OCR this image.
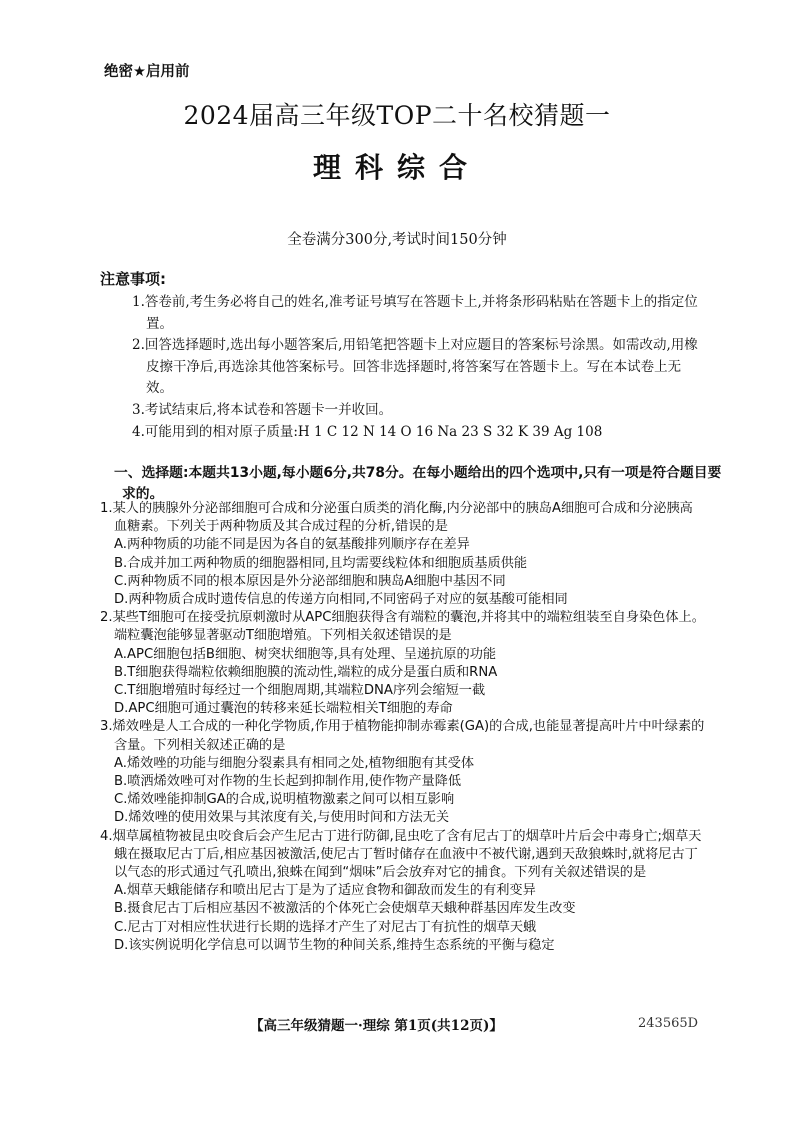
绝密★启用前
2024届高三年级TOP二十名校猜题一
理科综合
全卷满分300分,考试时间150分钟
注意事项:

1.答卷前,考生务必将自己的姓名,准考证号填写在答题卡上,并将条形码粘贴在答题卡上的指定位置。

2.回答选择题时,选出每小题答案后,用铅笔把答题卡上对应题目的答案标号涂黑。如需改动,用橡皮擦干净后,再选涂其他答案标号。回答非选择题时,将答案写在答题卡上。写在本试卷上无效。

3.考试结束后,将本试卷和答题卡一并收回。

4.可能用到的相对原子质量:H 1 C 12 N 14 O 16 Na 23 S 32 K 39 Ag 108

一、选择题:本题共13小题,每小题6分,共78分。在每小题给出的四个选项中,只有一项是符合题目要求的。

1.某人的胰腺外分泌部细胞可合成和分泌蛋白质类的消化酶,内分泌部中的胰岛A细胞可合成和分泌胰高血糖素。下列关于两种物质及其合成过程的分析,错误的是

A.两种物质的功能不同是因为各自的氨基酸排列顺序存在差异

B.合成并加工两种物质的细胞器相同,且均需要线粒体和细胞质基质供能

C.两种物质不同的根本原因是外分泌部细胞和胰岛A细胞中基因不同

D.两种物质合成时遗传信息的传递方向相同,不同密码子对应的氨基酸可能相同

2.某些T细胞可在接受抗原刺激时从APC细胞获得含有端粒的囊泡,并将其中的端粒组装至自身染色体上。端粒囊泡能够显著驱动T细胞增殖。下列相关叙述错误的是

A.APC细胞包括B细胞、树突状细胞等,具有处理、呈递抗原的功能

B.T细胞获得端粒依赖细胞膜的流动性,端粒的成分是蛋白质和RNA

C.T细胞增殖时每经过一个细胞周期,其端粒DNA序列会缩短一截

D.APC细胞可通过囊泡的转移来延长端粒相关T细胞的寿命

3.烯效唑是人工合成的一种化学物质,作用于植物能抑制赤霉素(GA)的合成,也能显著提高叶片中叶绿素的含量。下列相关叙述正确的是

A.烯效唑的功能与细胞分裂素具有相同之处,植物细胞有其受体

B.喷洒烯效唑可对作物的生长起到抑制作用,使作物产量降低

C.烯效唑能抑制GA的合成,说明植物激素之间可以相互影响

D.烯效唑的使用效果与其浓度有关,与使用时间和方法无关

4.烟草属植物被昆虫咬食后会产生尼古丁进行防御,昆虫吃了含有尼古丁的烟草叶片后会中毒身亡;烟草天蛾在摄取尼古丁后,相应基因被激活,使尼古丁暂时储存在血液中不被代谢,遇到天敌狼蛛时,就将尼古丁以气态的形式通过气孔喷出,狼蛛在闻到“烟味”后会放弃对它的捕食。下列有关叙述错误的是

A.烟草天蛾能储存和喷出尼古丁是为了适应食物和御敌而发生的有利变异

B.摄食尼古丁后相应基因不被激活的个体死亡会使烟草天蛾种群基因库发生改变

C.尼古丁对相应性状进行长期的选择才产生了对尼古丁有抗性的烟草天蛾

D.该实例说明化学信息可以调节生物的种间关系,维持生态系统的平衡与稳定

【高三年级猜题一·理综 第1页(共12页)】	243565D
